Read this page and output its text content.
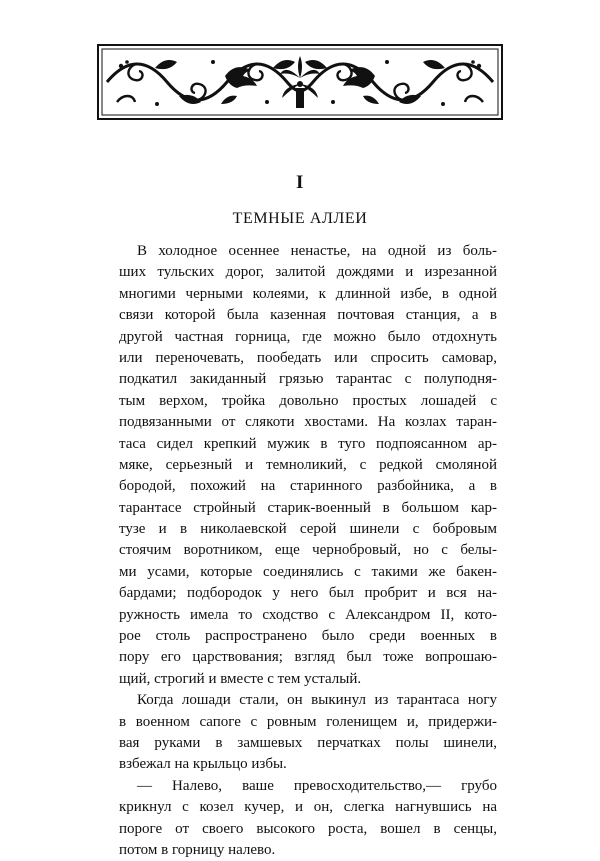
I
ТЕМНЫЕ АЛЛЕИ
В холодное осеннее ненастье, на одной из боль-
ших тульских дорог, залитой дождями и изрезанной
многими черными колеями, к длинной избе, в одной
связи которой была казенная почтовая станция, а в
другой частная горница, где можно было отдохнуть
или переночевать, пообедать или спросить самовар,
подкатил закиданный грязью тарантас с полуподня-
тым верхом, тройка довольно простых лошадей с
подвязанными от слякоти хвостами. На козлах таран-
таса сидел крепкий мужик в туго подпоясанном ар-
мяке, серьезный и темноликий, с редкой смоляной
бородой, похожий на старинного разбойника, а в
тарантасе стройный старик-военный в большом кар-
тузе и в николаевской серой шинели с бобровым
стоячим воротником, еще чернобровый, но с белы-
ми усами, которые соединялись с такими же бакен-
бардами; подбородок у него был пробрит и вся на-
ружность имела то сходство с Александром II, кото-
рое столь распространено было среди военных в
пору его царствования; взгляд был тоже вопрошаю-
щий, строгий и вместе с тем усталый.
Когда лошади стали, он выкинул из тарантаса ногу
в военном сапоге с ровным голенищем и, придержи-
вая руками в замшевых перчатках полы шинели,
взбежал на крыльцо избы.
— Налево, ваше превосходительство,— грубо
крикнул с козел кучер, и он, слегка нагнувшись на
пороге от своего высокого роста, вошел в сенцы,
потом в горницу налево.
